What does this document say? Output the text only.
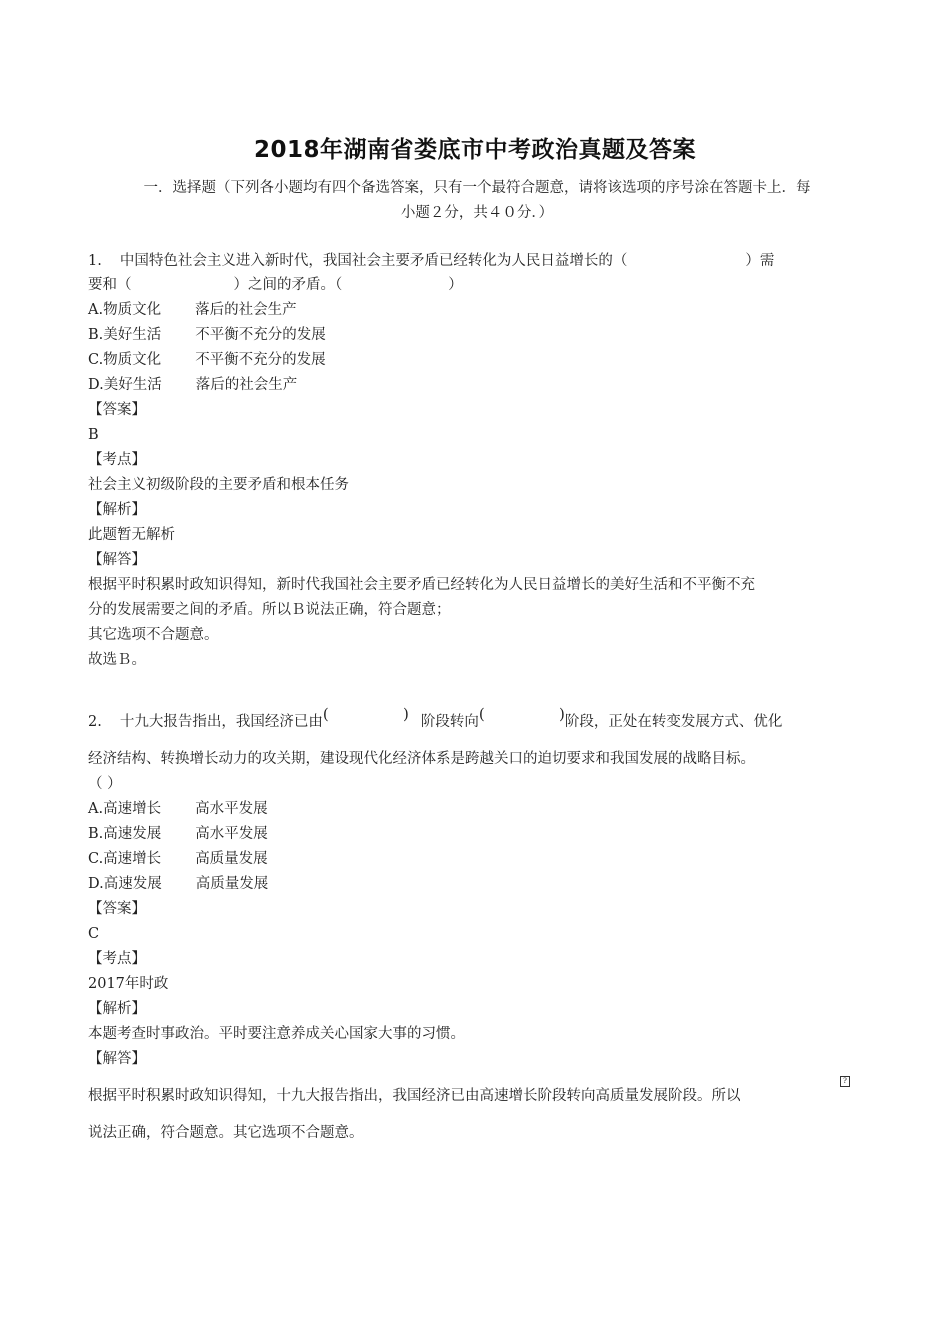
2018年湖南省娄底市中考政治真题及答案
一．选择题（下列各小题均有四个备选答案，只有一个最符合题意，请将该选项的序号涂在答题卡上．每
小题２分，共４０分．）
1. 中国特色社会主义进入新时代，我国社会主要矛盾已经转化为人民日益增长的（	）需
要和（	）之间的矛盾。（	）
A.物质文化 落后的社会生产
B.美好生活 不平衡不充分的发展
C.物质文化 不平衡不充分的发展
D.美好生活 落后的社会生产
【答案】
B
【考点】
社会主义初级阶段的主要矛盾和根本任务
【解析】
此题暂无解析
【解答】
根据平时积累时政知识得知，新时代我国社会主要矛盾已经转化为人民日益增长的美好生活和不平衡不充
分的发展需要之间的矛盾。所以Ｂ说法正确，符合题意；
其它选项不合题意。
故选Ｂ。
2. 十九大报告指出，我国经济已由 (	) 阶段转向 (	) 阶段，正处在转变发展方式、优化
经济结构、转换增长动力的攻关期，建设现代化经济体系是跨越关口的迫切要求和我国发展的战略目标。
（ ）
A.高速增长 高水平发展
B.高速发展 高水平发展
C.高速增长 高质量发展
D.高速发展 高质量发展
【答案】
C
【考点】
2017年时政
【解析】
本题考查时事政治。平时要注意养成关心国家大事的习惯。
【解答】
根据平时积累时政知识得知，十九大报告指出，我国经济已由高速增长阶段转向高质量发展阶段。所以
?
说法正确，符合题意。其它选项不合题意。
